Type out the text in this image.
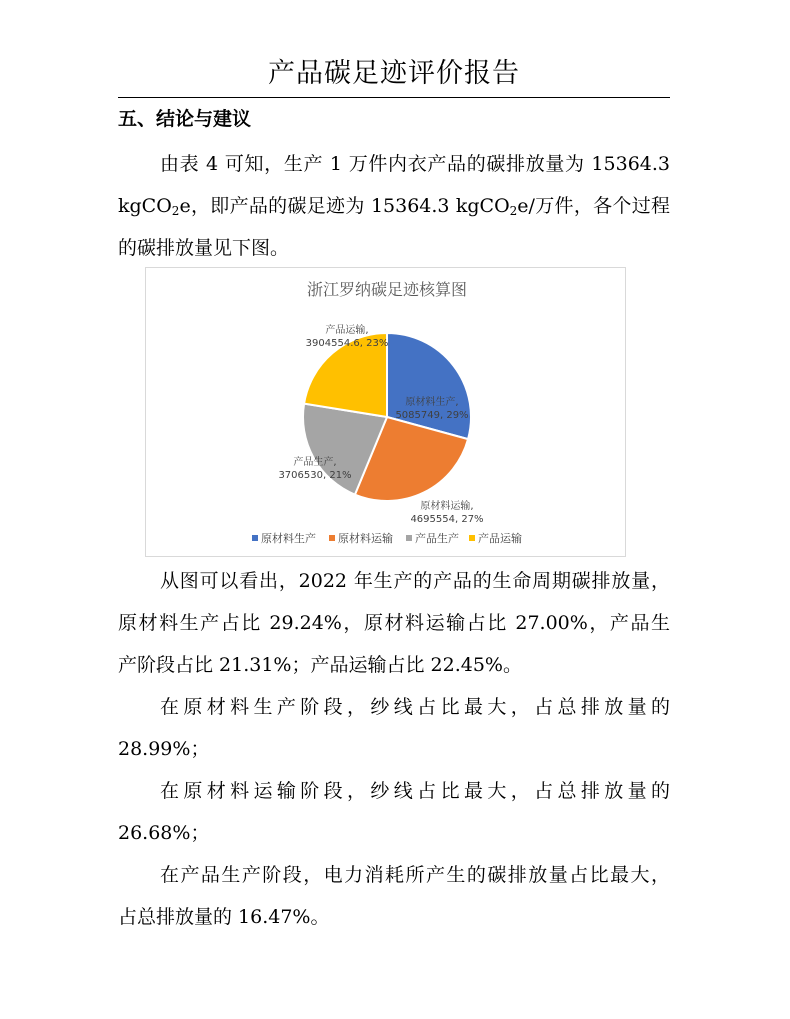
产品碳足迹评价报告
五、结论与建议
由表 4 可知，生产 1 万件内衣产品的碳排放量为 15364.3
kgCO$_2$e，即产品的碳足迹为 15364.3 kgCO$_2$e/万件，各个过程
的碳排放量见下图。
浙江罗纳碳足迹核算图
原材料生产, 5085749, 29%
原材料运输, 4695554, 27%
产品生产, 3706530, 21%
产品运输, 3904554.6, 23%
原材料生产 原材料运输 产品生产 产品运输
从图可以看出，2022 年生产的产品的生命周期碳排放量，
原材料生产占比 29.24%，原材料运输占比 27.00%，产品生
产阶段占比 21.31%；产品运输占比 22.45%。
在原材料生产阶段，纱线占比最大，占总排放量的
28.99%；
在原材料运输阶段，纱线占比最大，占总排放量的
26.68%；
在产品生产阶段，电力消耗所产生的碳排放量占比最大，
占总排放量的 16.47%。
